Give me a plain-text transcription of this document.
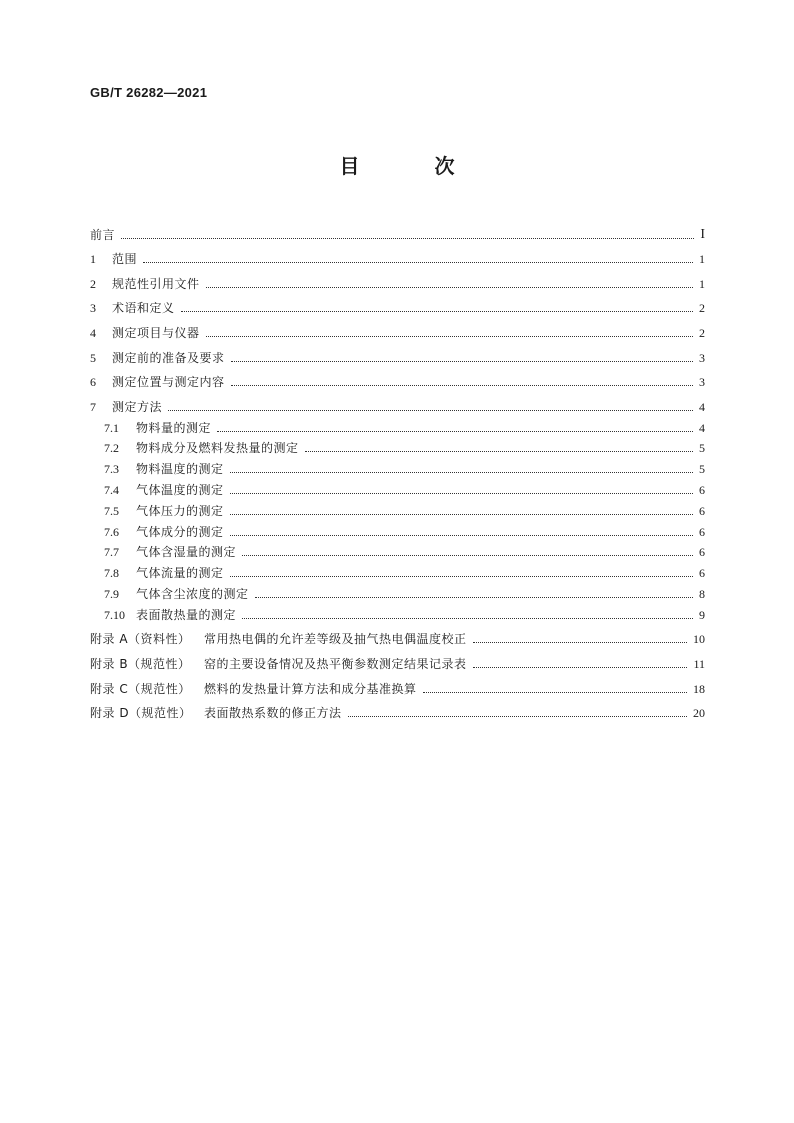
GB/T 26282—2021
目 次
前言	I
1	范围	1
2	规范性引用文件	1
3	术语和定义	2
4	测定项目与仪器	2
5	测定前的准备及要求	3
6	测定位置与测定内容	3
7	测定方法	4
7.1	物料量的测定	4
7.2	物料成分及燃料发热量的测定	5
7.3	物料温度的测定	5
7.4	气体温度的测定	6
7.5	气体压力的测定	6
7.6	气体成分的测定	6
7.7	气体含湿量的测定	6
7.8	气体流量的测定	6
7.9	气体含尘浓度的测定	8
7.10 表面散热量的测定	9
附录 A（资料性）	常用热电偶的允许差等级及抽气热电偶温度校正	10
附录 B（规范性）	窑的主要设备情况及热平衡参数测定结果记录表	11
附录 C（规范性）	燃料的发热量计算方法和成分基准换算	18
附录 D（规范性）	表面散热系数的修正方法	20
